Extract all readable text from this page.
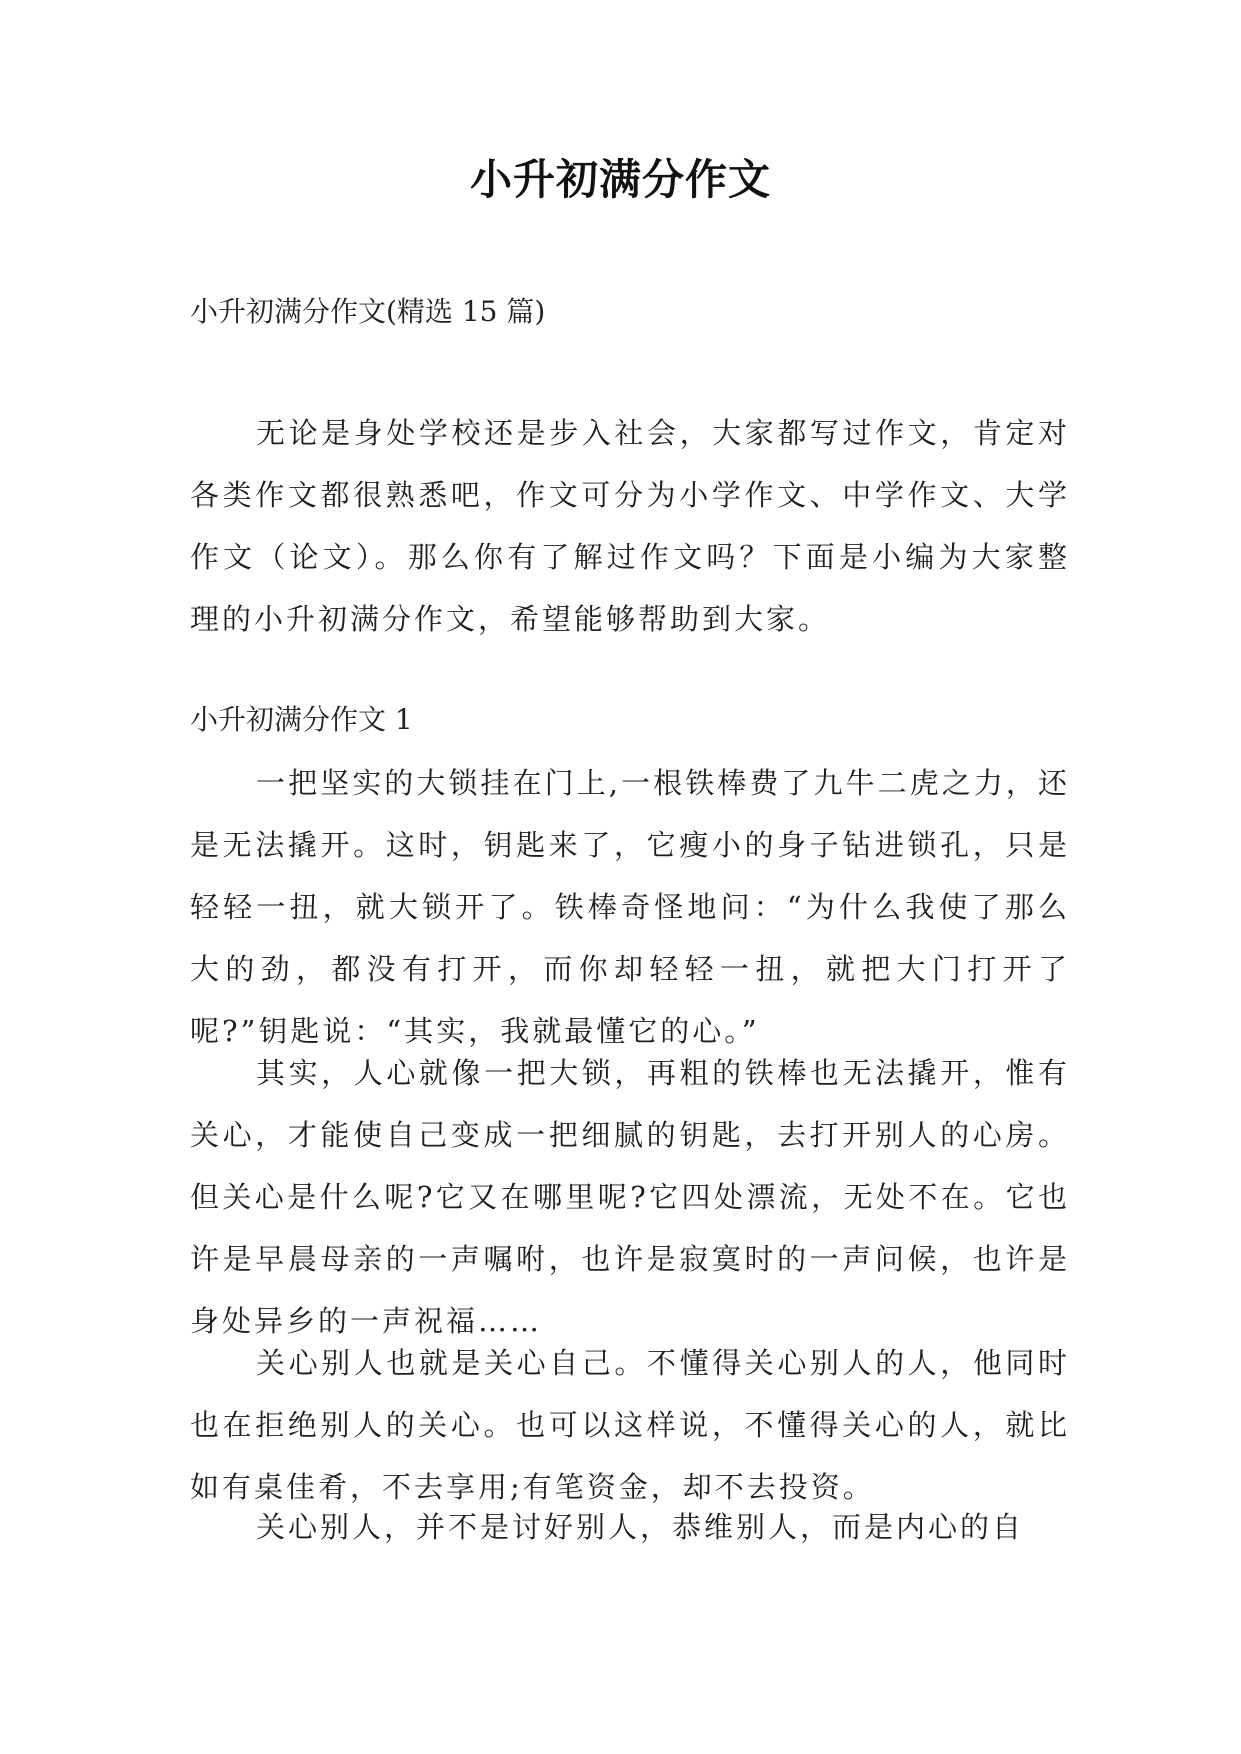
小升初满分作文

小升初满分作文(精选 15 篇)

无论是身处学校还是步入社会，大家都写过作文，肯定对各类作文都很熟悉吧，作文可分为小学作文、中学作文、大学作文（论文）。那么你有了解过作文吗？下面是小编为大家整理的小升初满分作文，希望能够帮助到大家。

小升初满分作文 1

一把坚实的大锁挂在门上,一根铁棒费了九牛二虎之力，还是无法撬开。这时，钥匙来了，它瘦小的身子钻进锁孔，只是轻轻一扭，就大锁开了。铁棒奇怪地问：“为什么我使了那么大的劲，都没有打开，而你却轻轻一扭，就把大门打开了呢?”钥匙说：“其实，我就最懂它的心。”

其实，人心就像一把大锁，再粗的铁棒也无法撬开，惟有关心，才能使自己变成一把细腻的钥匙，去打开别人的心房。但关心是什么呢?它又在哪里呢?它四处漂流，无处不在。它也许是早晨母亲的一声嘱咐，也许是寂寞时的一声问候，也许是身处异乡的一声祝福……

关心别人也就是关心自己。不懂得关心别人的人，他同时也在拒绝别人的关心。也可以这样说，不懂得关心的人，就比如有桌佳肴，不去享用;有笔资金，却不去投资。

关心别人，并不是讨好别人，恭维别人，而是内心的自
